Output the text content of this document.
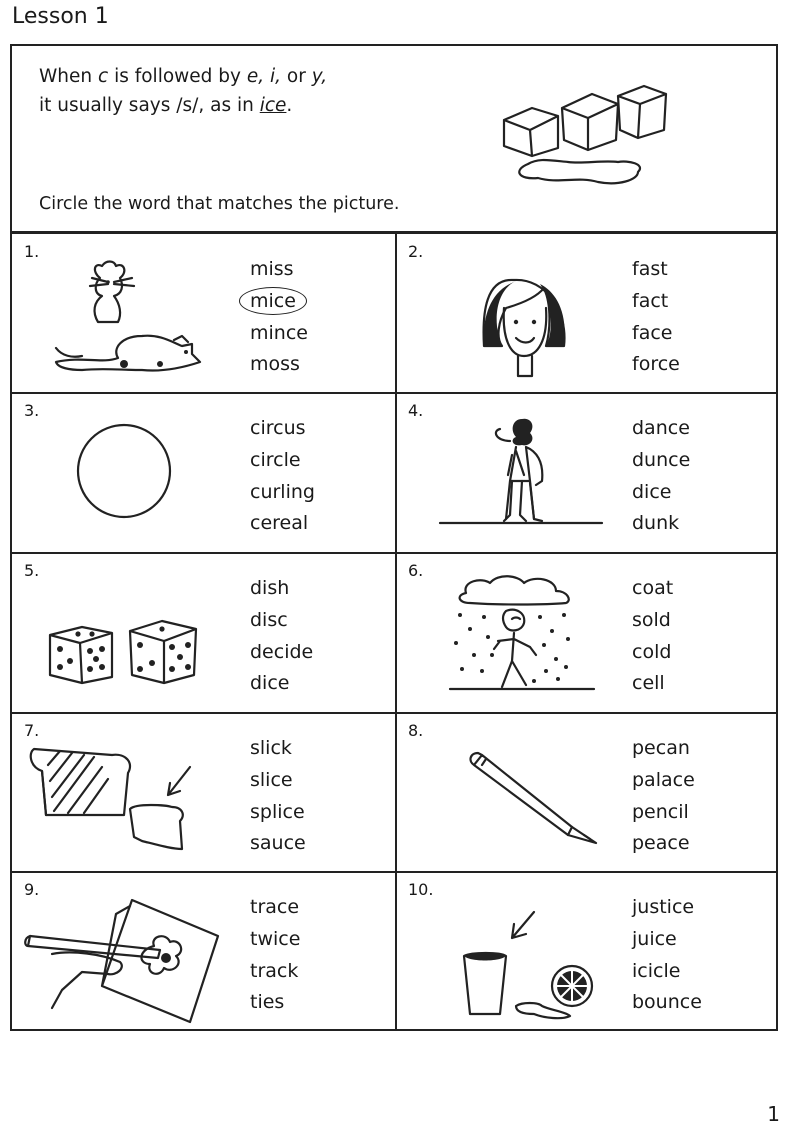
Lesson 1
When c is followed by e, i, or y,
it usually says /s/, as in ice.
Circle the word that matches the picture.
1.
miss
mice
mince
moss
2.
fast
fact
face
force
3.
circus
circle
curling
cereal
4.
dance
dunce
dice
dunk
5.
dish
disc
decide
dice
6.
coat
sold
cold
cell
7.
slick
slice
splice
sauce
8.
pecan
palace
pencil
peace
9.
trace
twice
track
ties
10.
justice
juice
icicle
bounce
1
